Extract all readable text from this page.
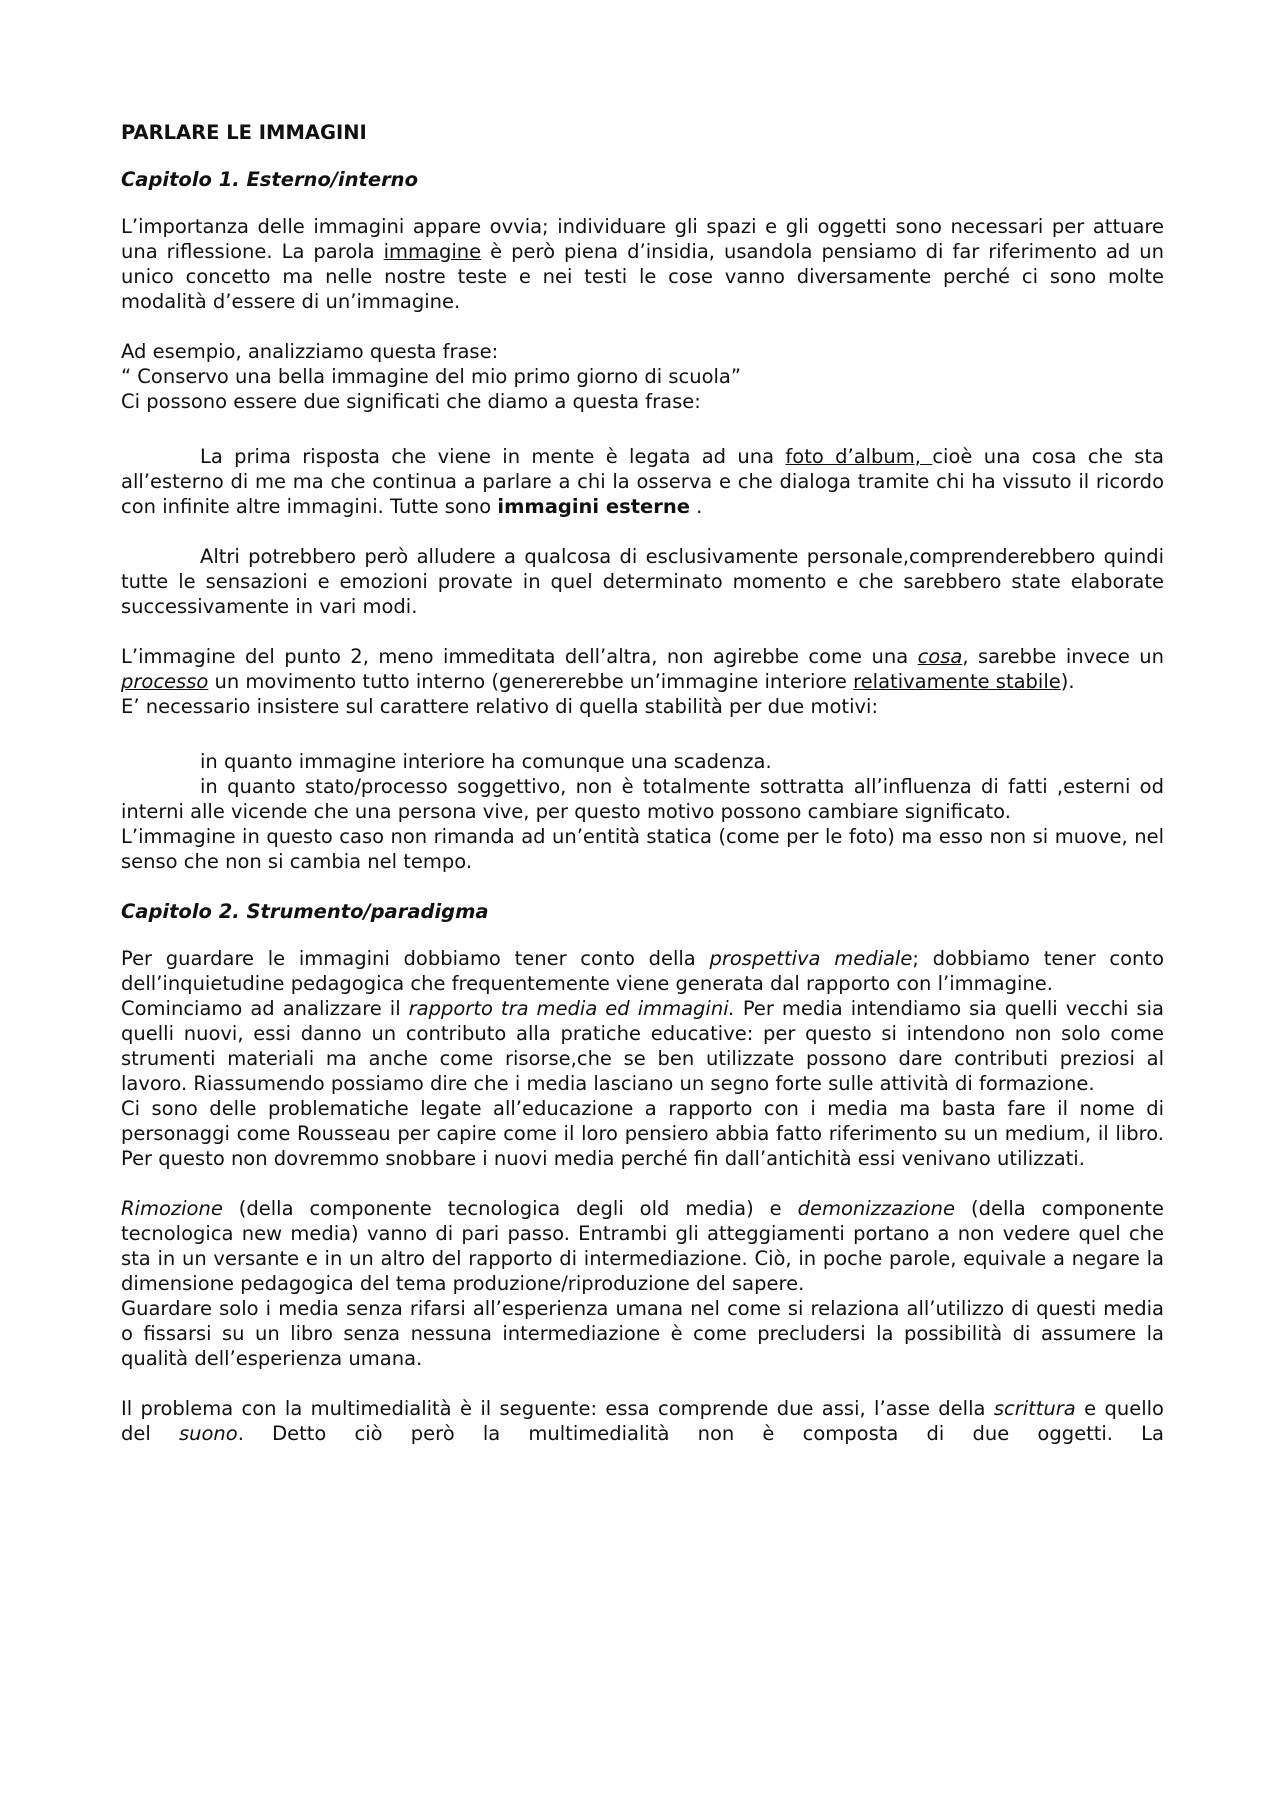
PARLARE LE IMMAGINI
Capitolo 1. Esterno/interno

L’importanza delle immagini appare ovvia; individuare gli spazi e gli oggetti sono necessari per attuare una riflessione. La parola immagine è però piena d’insidia, usandola pensiamo di far riferimento ad un unico concetto ma nelle nostre teste e nei testi le cose vanno diversamente perché ci sono molte modalità d’essere di un’immagine.

Ad esempio, analizziamo questa frase:

“ Conservo una bella immagine del mio primo giorno di scuola”

Ci possono essere due significati che diamo a questa frase:

La prima risposta che viene in mente è legata ad una foto d’album, cioè una cosa che sta all’esterno di me ma che continua a parlare a chi la osserva e che dialoga tramite chi ha vissuto il ricordo con infinite altre immagini. Tutte sono immagini esterne .

Altri potrebbero però alludere a qualcosa di esclusivamente personale,comprenderebbero quindi tutte le sensazioni e emozioni provate in quel determinato momento e che sarebbero state elaborate successivamente in vari modi.

L’immagine del punto 2, meno immeditata dell’altra, non agirebbe come una cosa, sarebbe invece un processo un movimento tutto interno (genererebbe un’immagine interiore relativamente stabile).

E’ necessario insistere sul carattere relativo di quella stabilità per due motivi:

in quanto immagine interiore ha comunque una scadenza.

in quanto stato/processo soggettivo, non è totalmente sottratta all’influenza di fatti ,esterni od interni alle vicende che una persona vive, per questo motivo possono cambiare significato.

L’immagine in questo caso non rimanda ad un’entità statica (come per le foto) ma esso non si muove, nel senso che non si cambia nel tempo.

Capitolo 2. Strumento/paradigma

Per guardare le immagini dobbiamo tener conto della prospettiva mediale; dobbiamo tener conto dell’inquietudine pedagogica che frequentemente viene generata dal rapporto con l’immagine.

Cominciamo ad analizzare il rapporto tra media ed immagini. Per media intendiamo sia quelli vecchi sia quelli nuovi, essi danno un contributo alla pratiche educative: per questo si intendono non solo come strumenti materiali ma anche come risorse,che se ben utilizzate possono dare contributi preziosi al lavoro. Riassumendo possiamo dire che i media lasciano un segno forte sulle attività di formazione.

Ci sono delle problematiche legate all’educazione a rapporto con i media ma basta fare il nome di personaggi come Rousseau per capire come il loro pensiero abbia fatto riferimento su un medium, il libro. Per questo non dovremmo snobbare i nuovi media perché fin dall’antichità essi venivano utilizzati.

Rimozione (della componente tecnologica degli old media) e demonizzazione (della componente tecnologica new media) vanno di pari passo. Entrambi gli atteggiamenti portano a non vedere quel che sta in un versante e in un altro del rapporto di intermediazione. Ciò, in poche parole, equivale a negare la dimensione pedagogica del tema produzione/riproduzione del sapere.

Guardare solo i media senza rifarsi all’esperienza umana nel come si relaziona all’utilizzo di questi media o fissarsi su un libro senza nessuna intermediazione è come precludersi la possibilità di assumere la qualità dell’esperienza umana.

Il problema con la multimedialità è il seguente: essa comprende due assi, l’asse della scrittura e quello del suono. Detto ciò però la multimedialità non è composta di due oggetti. La
